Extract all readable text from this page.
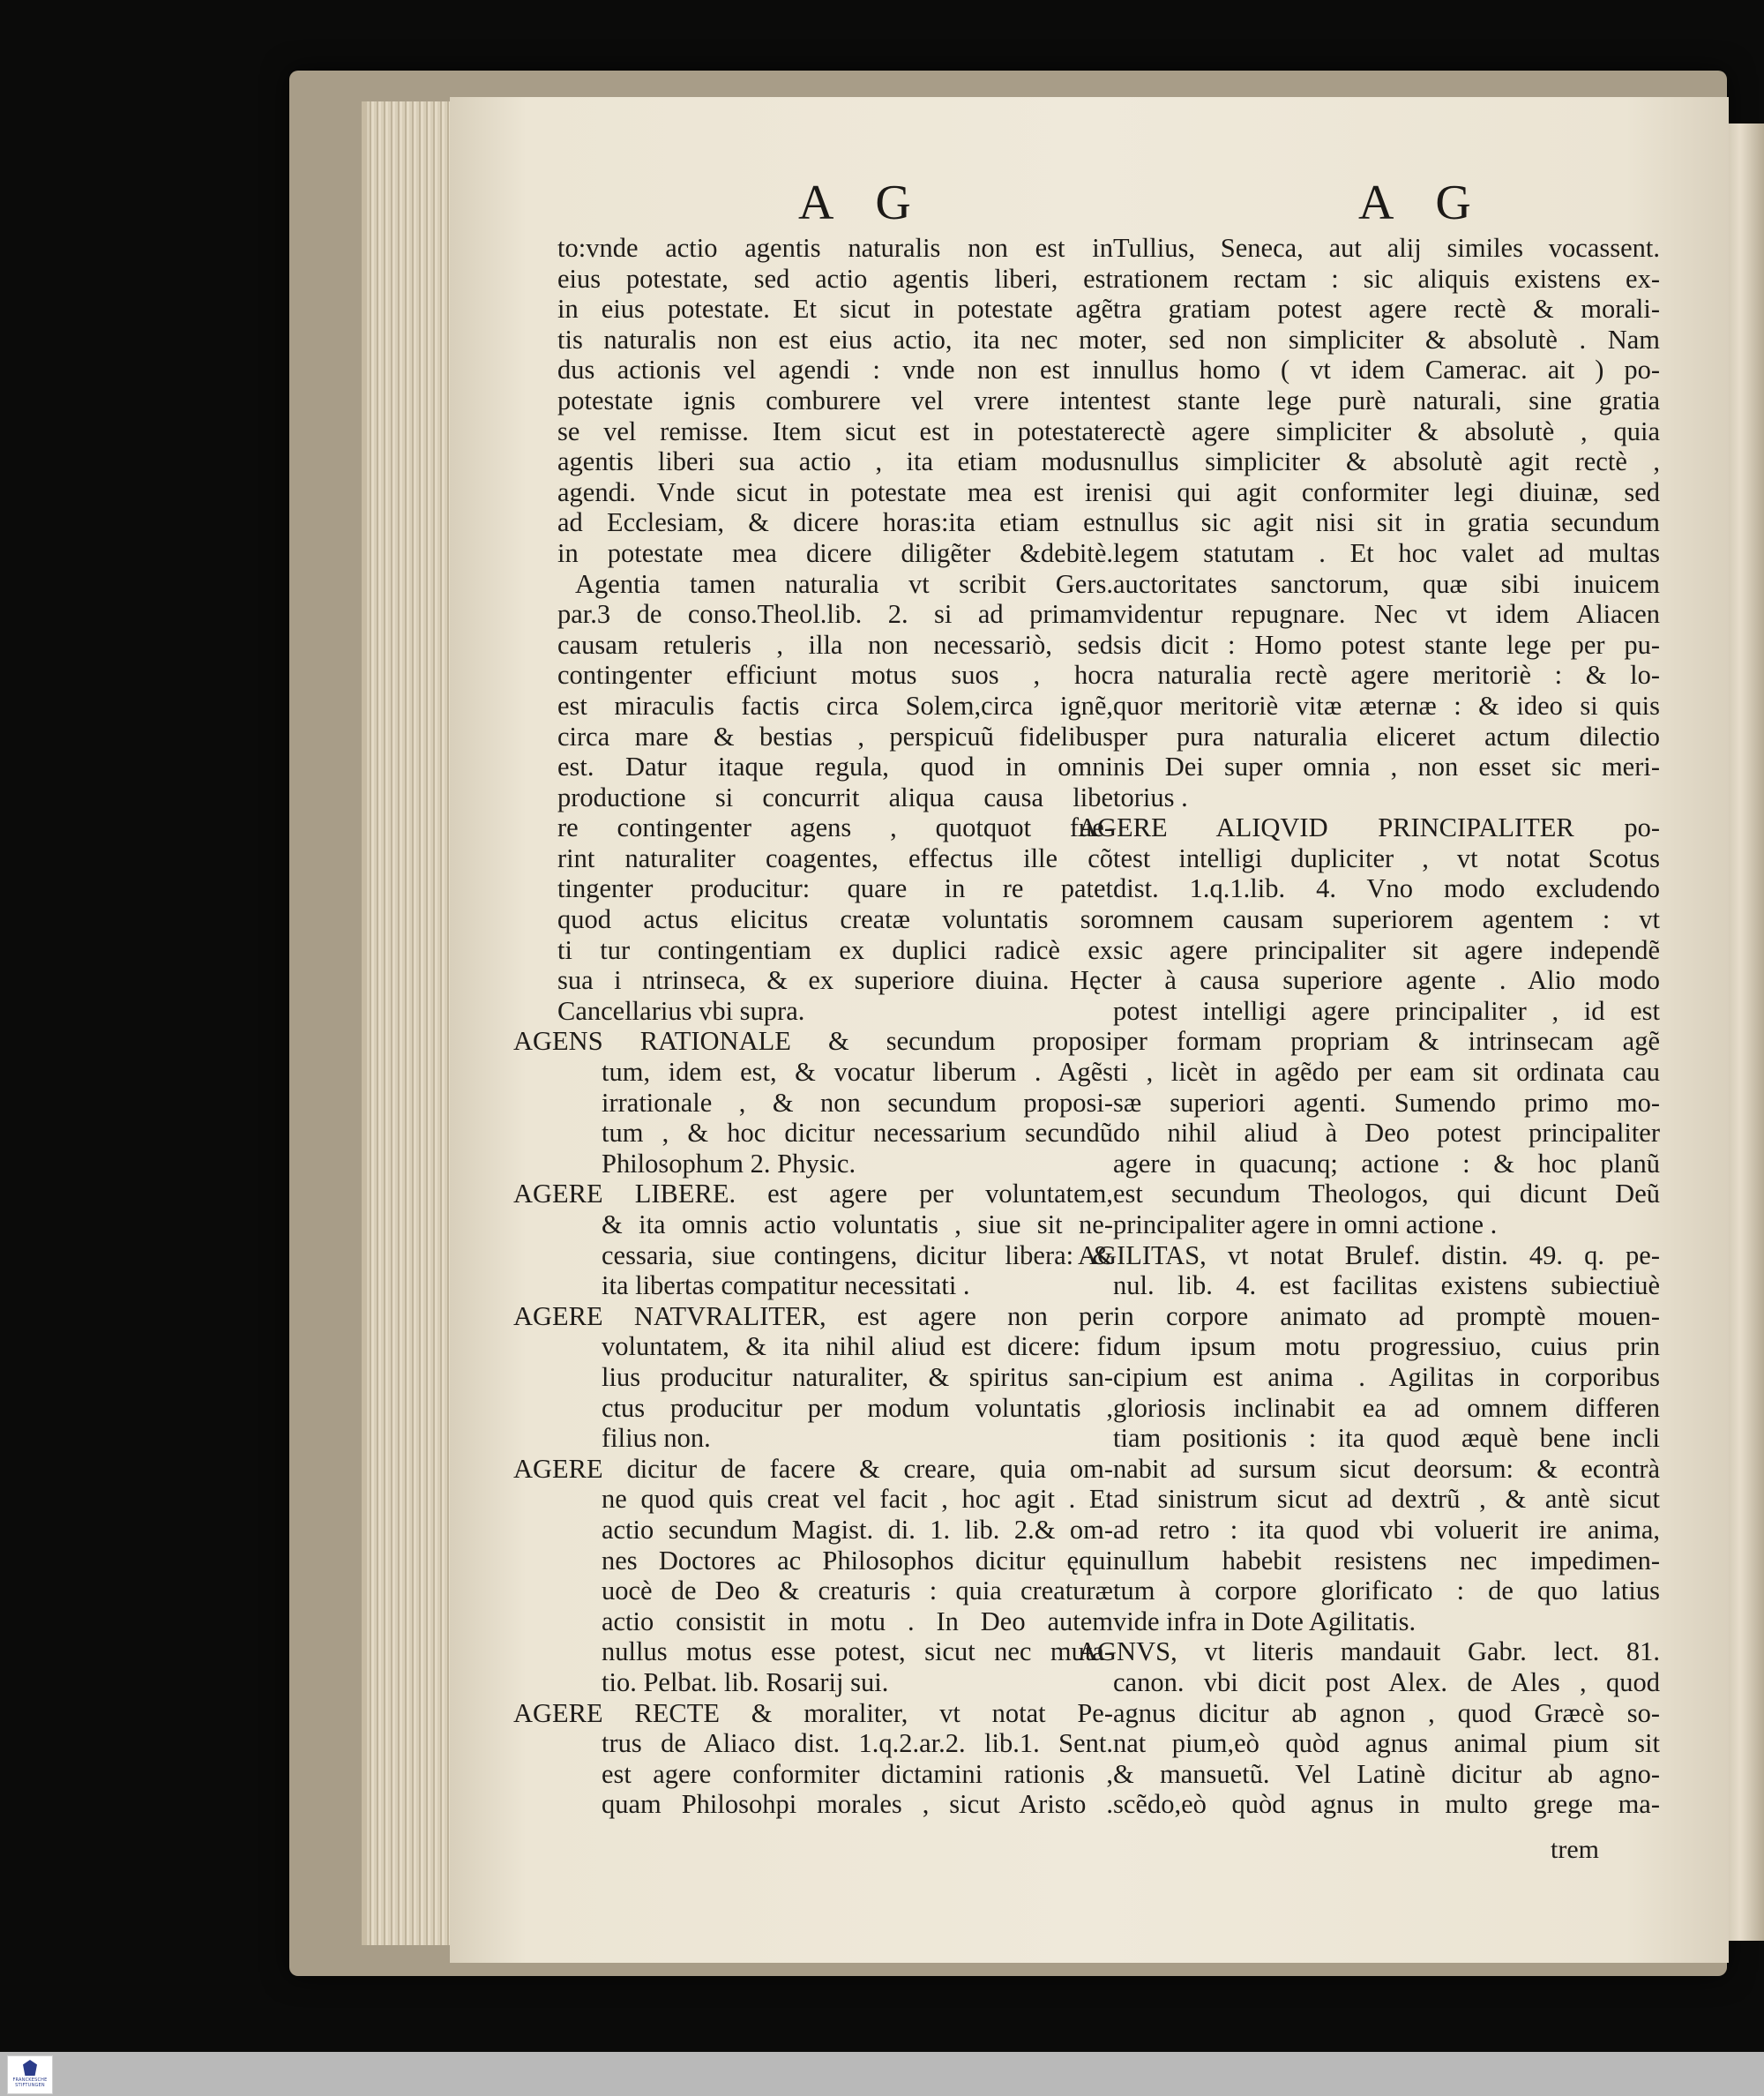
A G	A G
to:vnde actio agentis naturalis non est in
eius potestate, sed actio agentis liberi, est
in eius potestate. Et sicut in potestate agẽ
tis naturalis non est eius actio, ita nec mo
dus actionis vel agendi : vnde non est in
potestate ignis comburere vel vrere inten
se vel remisse. Item sicut est in potestate
agentis liberi sua actio , ita etiam modus
agendi. Vnde sicut in potestate mea est ire
ad Ecclesiam, & dicere horas:ita etiam est
in potestate mea dicere diligẽter &debitè.
Agentia tamen naturalia vt scribit Gers.
par.3 de conso.Theol.lib. 2. si ad primam
causam retuleris , illa non necessariò, sed
contingenter efficiunt motus suos , hoc
est miraculis factis circa Solem,circa ignẽ,
circa mare & bestias , perspicuũ fidelibus
est. Datur itaque regula, quod in omni
productione si concurrit aliqua causa libe
re contingenter agens , quotquot fue-
rint naturaliter coagentes, effectus ille cõ
tingenter producitur: quare in re patet
quod actus elicitus creatæ voluntatis sor
ti tur contingentiam ex duplici radicè ex
sua i ntrinseca, & ex superiore diuina. Hęc
Cancellarius vbi supra.
AGENS RATIONALE & secundum proposi
tum, idem est, & vocatur liberum . Agẽs
irrationale , & non secundum proposi-
tum , & hoc dicitur necessarium secundũ
Philosophum 2. Physic.
AGERE LIBERE. est agere per voluntatem,
& ita omnis actio voluntatis , siue sit ne-
cessaria, siue contingens, dicitur libera: &
ita libertas compatitur necessitati .
AGERE NATVRALITER, est agere non per
voluntatem, & ita nihil aliud est dicere: fi
lius producitur naturaliter, & spiritus san-
ctus producitur per modum voluntatis ,
filius non.
AGERE dicitur de facere & creare, quia om-
ne quod quis creat vel facit , hoc agit . Et
actio secundum Magist. di. 1. lib. 2.& om-
nes Doctores ac Philosophos dicitur ęqui
uocè de Deo & creaturis : quia creaturæ
actio consistit in motu . In Deo autem
nullus motus esse potest, sicut nec muta-
tio. Pelbat. lib. Rosarij sui.
AGERE RECTE & moraliter, vt notat Pe-
trus de Aliaco dist. 1.q.2.ar.2. lib.1. Sent.
est agere conformiter dictamini rationis ,
quam Philosohpi morales , sicut Aristo .
Tullius, Seneca, aut alij similes vocassent.
rationem rectam : sic aliquis existens ex-
tra gratiam potest agere rectè & morali-
ter, sed non simpliciter & absolutè . Nam
nullus homo ( vt idem Camerac. ait ) po-
test stante lege purè naturali, sine gratia
rectè agere simpliciter & absolutè , quia
nullus simpliciter & absolutè agit rectè ,
nisi qui agit conformiter legi diuinæ, sed
nullus sic agit nisi sit in gratia secundum
legem statutam . Et hoc valet ad multas
auctoritates sanctorum, quæ sibi inuicem
videntur repugnare. Nec vt idem Aliacen
sis dicit : Homo potest stante lege per pu-
ra naturalia rectè agere meritoriè : & lo-
quor meritoriè vitæ æternæ : & ideo si quis
per pura naturalia eliceret actum dilectio
nis Dei super omnia , non esset sic meri-
torius .
AGERE ALIQVID PRINCIPALITER po-
test intelligi dupliciter , vt notat Scotus
dist. 1.q.1.lib. 4. Vno modo excludendo
omnem causam superiorem agentem : vt
sic agere principaliter sit agere independẽ
ter à causa superiore agente . Alio modo
potest intelligi agere principaliter , id est
per formam propriam & intrinsecam agẽ
ti , licèt in agẽdo per eam sit ordinata cau
sæ superiori agenti. Sumendo primo mo-
do nihil aliud à Deo potest principaliter
agere in quacunq; actione : & hoc planũ
est secundum Theologos, qui dicunt Deũ
principaliter agere in omni actione .
AGILITAS, vt notat Brulef. distin. 49. q. pe-
nul. lib. 4. est facilitas existens subiectiuè
in corpore animato ad promptè mouen-
dum ipsum motu progressiuo, cuius prin
cipium est anima . Agilitas in corporibus
gloriosis inclinabit ea ad omnem differen
tiam positionis : ita quod æquè bene incli
nabit ad sursum sicut deorsum: & econtrà
ad sinistrum sicut ad dextrũ , & antè sicut
ad retro : ita quod vbi voluerit ire anima,
nullum habebit resistens nec impedimen-
tum à corpore glorificato : de quo latius
vide infra in Dote Agilitatis.
AGNVS, vt literis mandauit Gabr. lect. 81.
canon. vbi dicit post Alex. de Ales , quod
agnus dicitur ab agnon , quod Græcè so-
nat pium,eò quòd agnus animal pium sit
& mansuetũ. Vel Latinè dicitur ab agno-
scẽdo,eò quòd agnus in multo grege ma-
trem
FRANCKESCHE STIFTUNGEN
